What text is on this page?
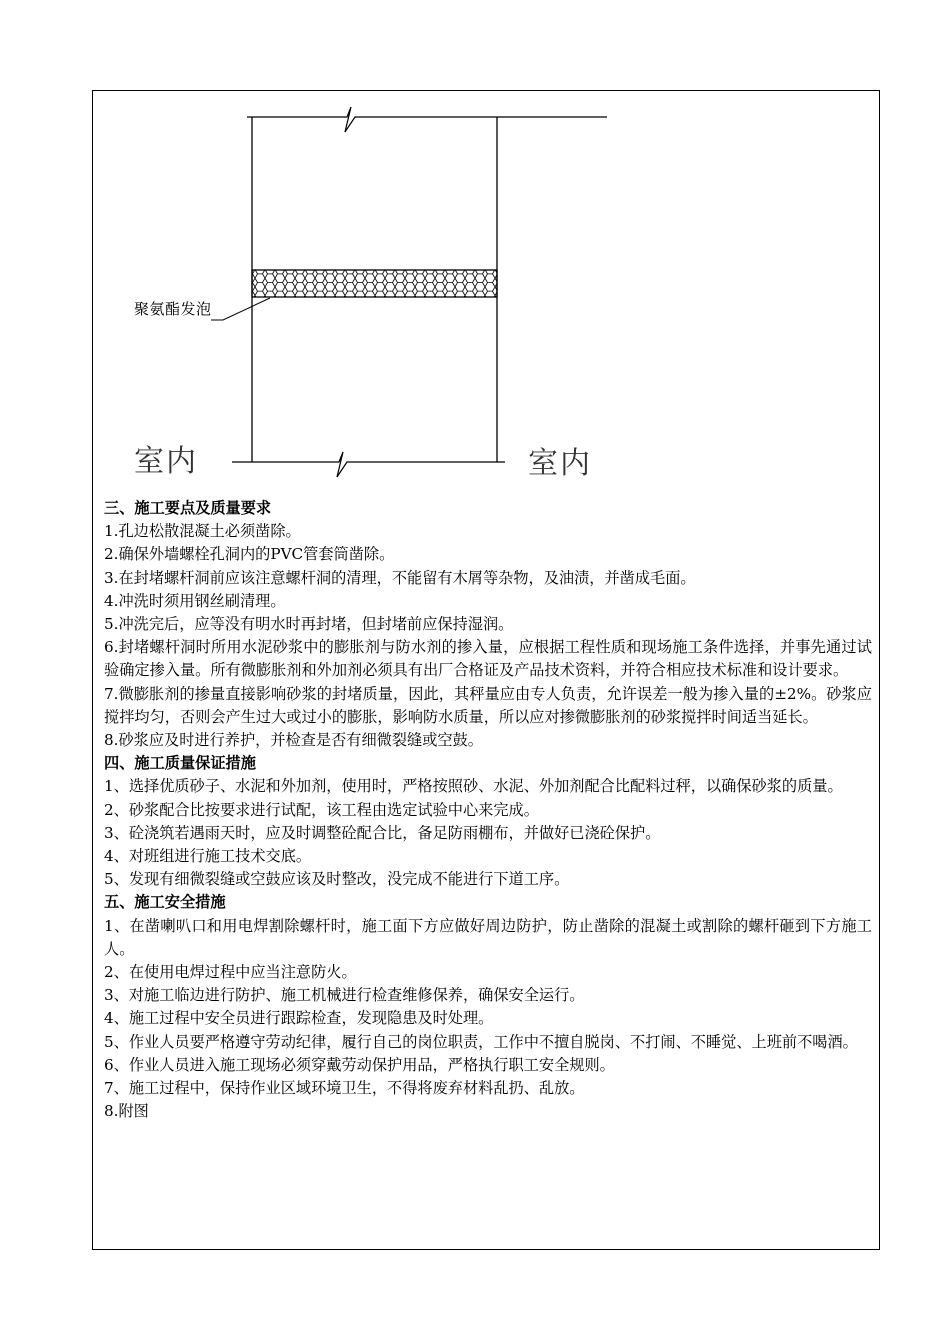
聚氨酯发泡
室内	室内

三、施工要点及质量要求

1.孔边松散混凝土必须凿除。

2.确保外墙螺栓孔洞内的PVC管套筒凿除。

3.在封堵螺杆洞前应该注意螺杆洞的清理，不能留有木屑等杂物，及油渍，并凿成毛面。

4.冲洗时须用钢丝刷清理。

5.冲洗完后，应等没有明水时再封堵，但封堵前应保持湿润。

6.封堵螺杆洞时所用水泥砂浆中的膨胀剂与防水剂的掺入量，应根据工程性质和现场施工条件选择，并事先通过试验确定掺入量。所有微膨胀剂和外加剂必须具有出厂合格证及产品技术资料，并符合相应技术标准和设计要求。

7.微膨胀剂的掺量直接影响砂浆的封堵质量，因此，其秤量应由专人负责，允许误差一般为掺入量的±2%。砂浆应搅拌均匀，否则会产生过大或过小的膨胀，影响防水质量，所以应对掺微膨胀剂的砂浆搅拌时间适当延长。

8.砂浆应及时进行养护，并检查是否有细微裂缝或空鼓。

四、施工质量保证措施

1、选择优质砂子、水泥和外加剂，使用时，严格按照砂、水泥、外加剂配合比配料过秤，以确保砂浆的质量。

2、砂浆配合比按要求进行试配，该工程由选定试验中心来完成。

3、砼浇筑若遇雨天时，应及时调整砼配合比，备足防雨棚布，并做好已浇砼保护。

4、对班组进行施工技术交底。

5、发现有细微裂缝或空鼓应该及时整改，没完成不能进行下道工序。

五、施工安全措施

1、在凿喇叭口和用电焊割除螺杆时，施工面下方应做好周边防护，防止凿除的混凝土或割除的螺杆砸到下方施工人。

2、在使用电焊过程中应当注意防火。

3、对施工临边进行防护、施工机械进行检查维修保养，确保安全运行。

4、施工过程中安全员进行跟踪检查，发现隐患及时处理。

5、作业人员要严格遵守劳动纪律，履行自己的岗位职责，工作中不擅自脱岗、不打闹、不睡觉、上班前不喝酒。

6、作业人员进入施工现场必须穿戴劳动保护用品，严格执行职工安全规则。

7、施工过程中，保持作业区域环境卫生，不得将废弃材料乱扔、乱放。

8.附图
